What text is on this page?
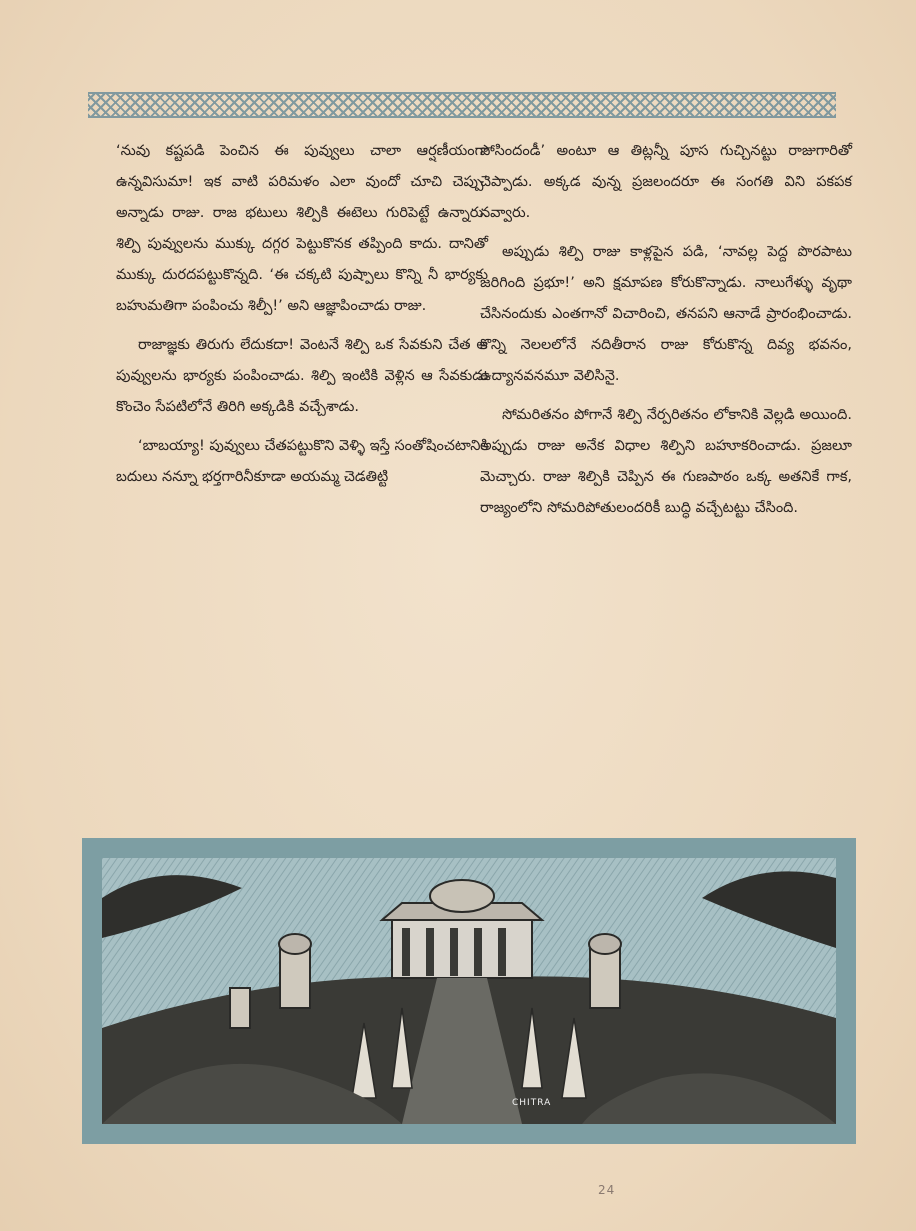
‘నువు కష్టపడి పెంచిన ఈ పువ్వులు చాలా ఆర్షణీయంగా ఉన్నవిసుమా! ఇక వాటి పరిమళం ఎలా వుందో చూచి చెప్పు’ అన్నాడు రాజు. రాజ భటులు శిల్పికి ఈటెలు గురిపెట్టే ఉన్నారు. శిల్పి పువ్వులను ముక్కు దగ్గర పెట్టుకొనక తప్పింది కాదు. దానితో ముక్కు దురదపట్టుకొన్నది. ‘ఈ చక్కటి పుష్పాలు కొన్ని నీ భార్యకు బహుమతిగా పంపించు శిల్పీ!’ అని ఆజ్ఞాపించాడు రాజు.

రాజాజ్ఞకు తిరుగు లేదుకదా! వెంటనే శిల్పి ఒక సేవకుని చేత ఆ పువ్వులను భార్యకు పంపించాడు. శిల్పి ఇంటికి వెళ్లిన ఆ సేవకుడు కొంచెం సేపటిలోనే తిరిగి అక్కడికి వచ్చేశాడు.

‘బాబయ్యా! పువ్వులు చేతపట్టుకొని వెళ్ళి ఇస్తే సంతోషించటానికి బదులు నన్నూ భర్తగారినీకూడా అయమ్మ చెడతిట్టి

పోసిందండీ’ అంటూ ఆ తిట్లన్నీ పూస గుచ్చినట్టు రాజుగారితో చెప్పాడు. అక్కడ వున్న ప్రజలందరూ ఈ సంగతి విని పకపక నవ్వారు.

అప్పుడు శిల్పి రాజు కాళ్లపైన పడి, ‘నావల్ల పెద్ద పొరపాటు జరిగింది ప్రభూ!’ అని క్షమాపణ కోరుకొన్నాడు. నాలుగేళ్ళు వృథా చేసినందుకు ఎంతగానో విచారించి, తనపని ఆనాడే ప్రారంభించాడు. కొన్ని నెలలలోనే నదితీరాన రాజు కోరుకొన్న దివ్య భవనం, ఉద్యానవనమూ వెలిసినై.

సోమరితనం పోగానే శిల్పి నేర్పరితనం లోకానికి వెల్లడి అయింది. అప్పుడు రాజు అనేక విధాల శిల్పిని బహూకరించాడు. ప్రజలూ మెచ్చారు. రాజు శిల్పికి చెప్పిన ఈ గుణపాఠం ఒక్క అతనికే గాక, రాజ్యంలోని సోమరిపోతులందరికీ బుద్ధి వచ్చేటట్టు చేసింది.

CHITRA
24
